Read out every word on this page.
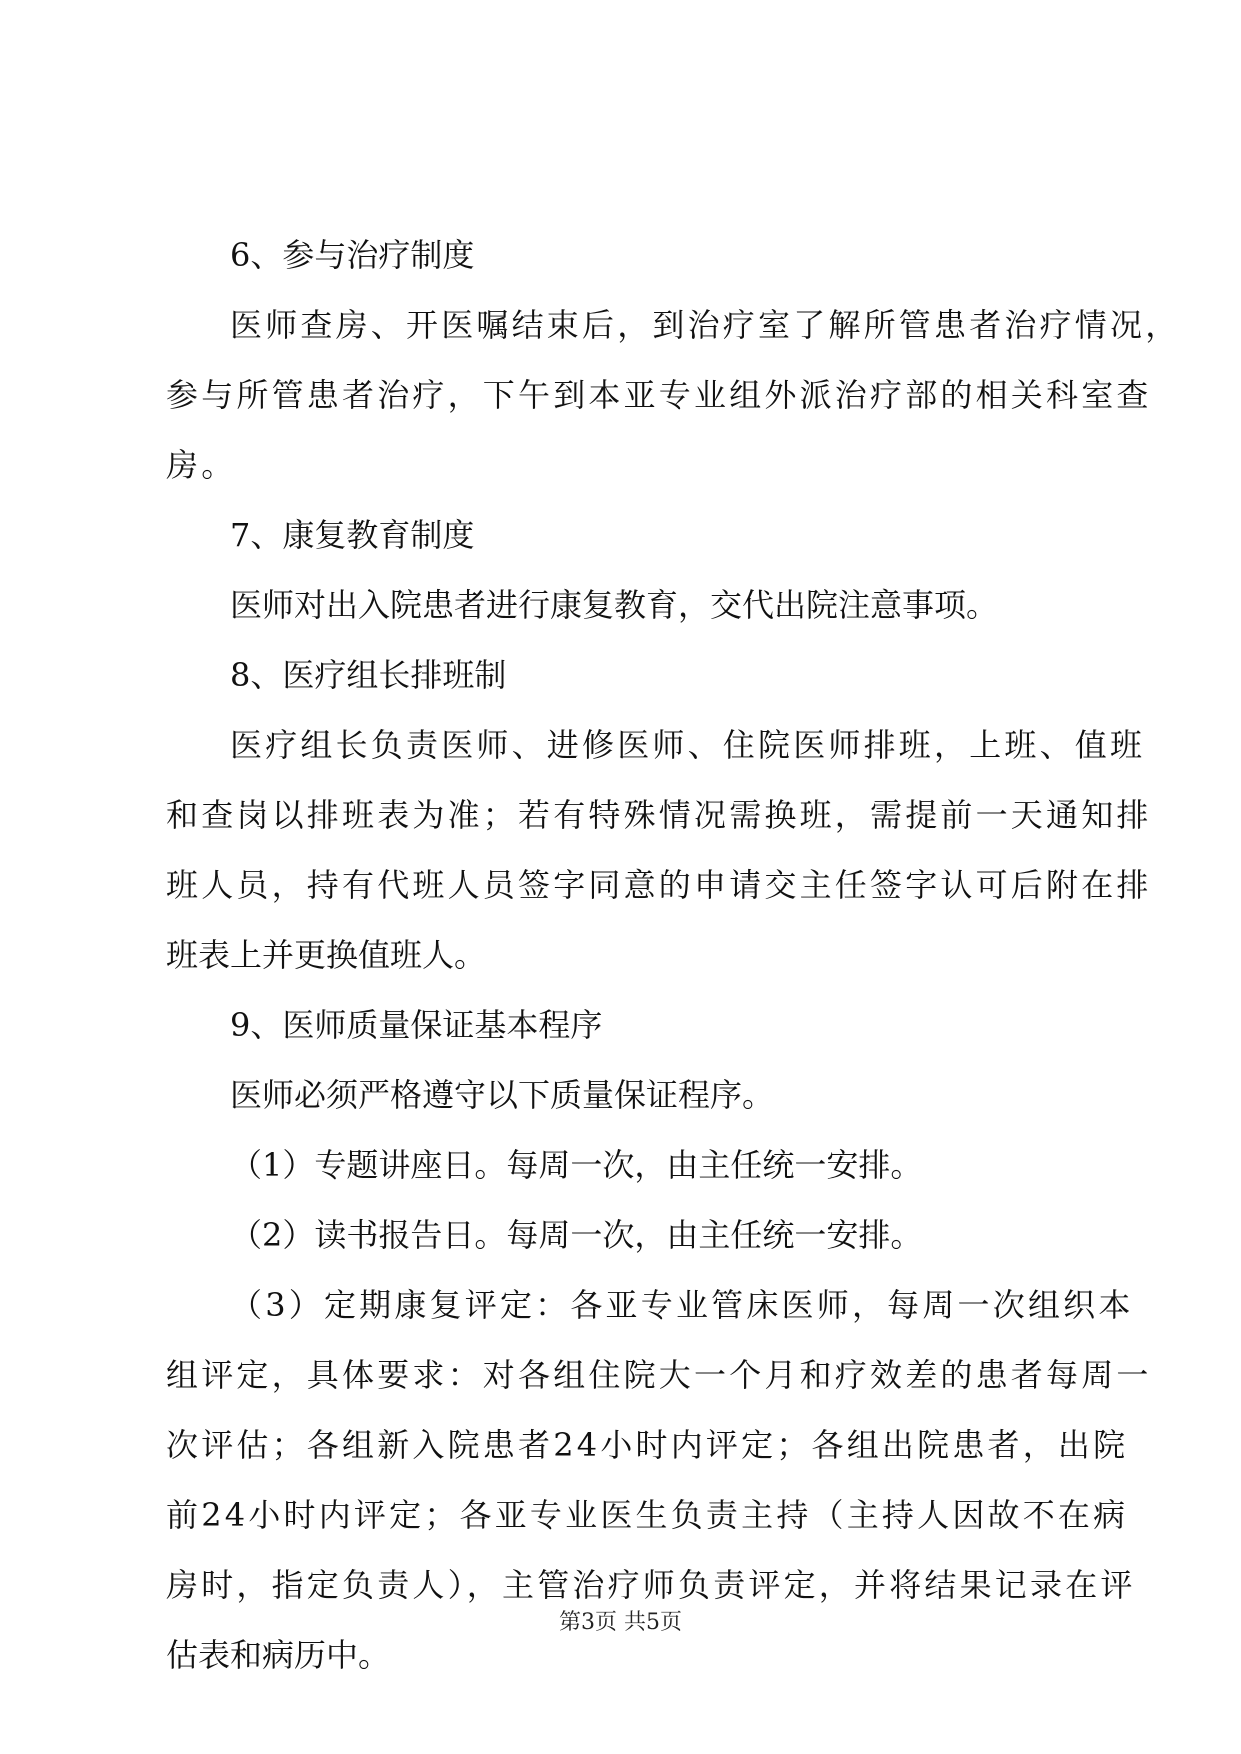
6、参与治疗制度
医师查房、开医嘱结束后，到治疗室了解所管患者治疗情况，
参与所管患者治疗，下午到本亚专业组外派治疗部的相关科室查
房。
7、康复教育制度
医师对出入院患者进行康复教育，交代出院注意事项。
8、医疗组长排班制
医疗组长负责医师、进修医师、住院医师排班，上班、值班
和查岗以排班表为准；若有特殊情况需换班，需提前一天通知排
班人员，持有代班人员签字同意的申请交主任签字认可后附在排
班表上并更换值班人。
9、医师质量保证基本程序
医师必须严格遵守以下质量保证程序。
（1）专题讲座日。每周一次，由主任统一安排。
（2）读书报告日。每周一次，由主任统一安排。
（3）定期康复评定：各亚专业管床医师，每周一次组织本
组评定，具体要求：对各组住院大一个月和疗效差的患者每周一
次评估；各组新入院患者24小时内评定；各组出院患者，出院
前24小时内评定；各亚专业医生负责主持（主持人因故不在病
房时，指定负责人），主管治疗师负责评定，并将结果记录在评
估表和病历中。
第3页 共5页
